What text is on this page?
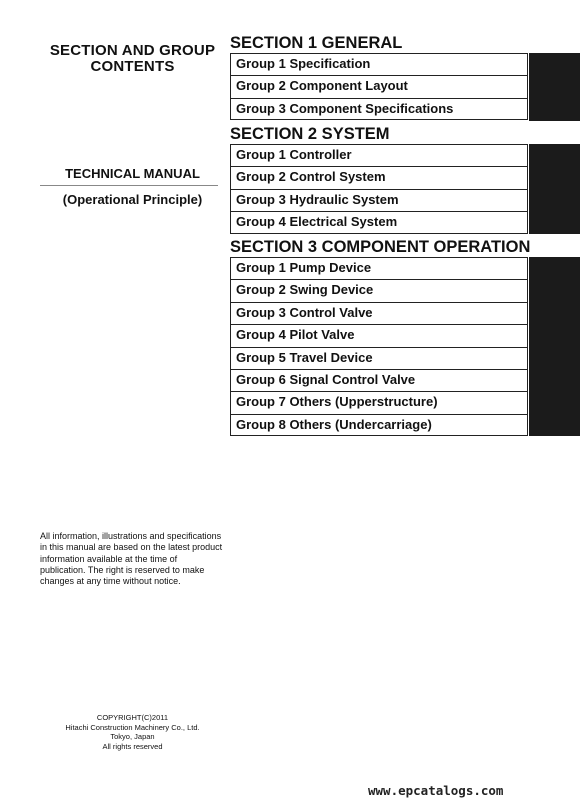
SECTION AND GROUP
CONTENTS
TECHNICAL MANUAL
(Operational Principle)
SECTION 1 GENERAL
Group 1 Specification
Group 2 Component Layout
Group 3 Component Specifications
SECTION 2 SYSTEM
Group 1 Controller
Group 2 Control System
Group 3 Hydraulic System
Group 4 Electrical System
SECTION 3 COMPONENT OPERATION
Group 1 Pump Device
Group 2 Swing Device
Group 3 Control Valve
Group 4 Pilot Valve
Group 5 Travel Device
Group 6 Signal Control Valve
Group 7 Others (Upperstructure)
Group 8 Others (Undercarriage)
All information, illustrations and specifications in this manual are based on the latest product information available at the time of publication. The right is reserved to make changes at any time without notice.
COPYRIGHT(C)2011
Hitachi Construction Machinery Co., Ltd.
Tokyo, Japan
All rights reserved
www.epcatalogs.com
